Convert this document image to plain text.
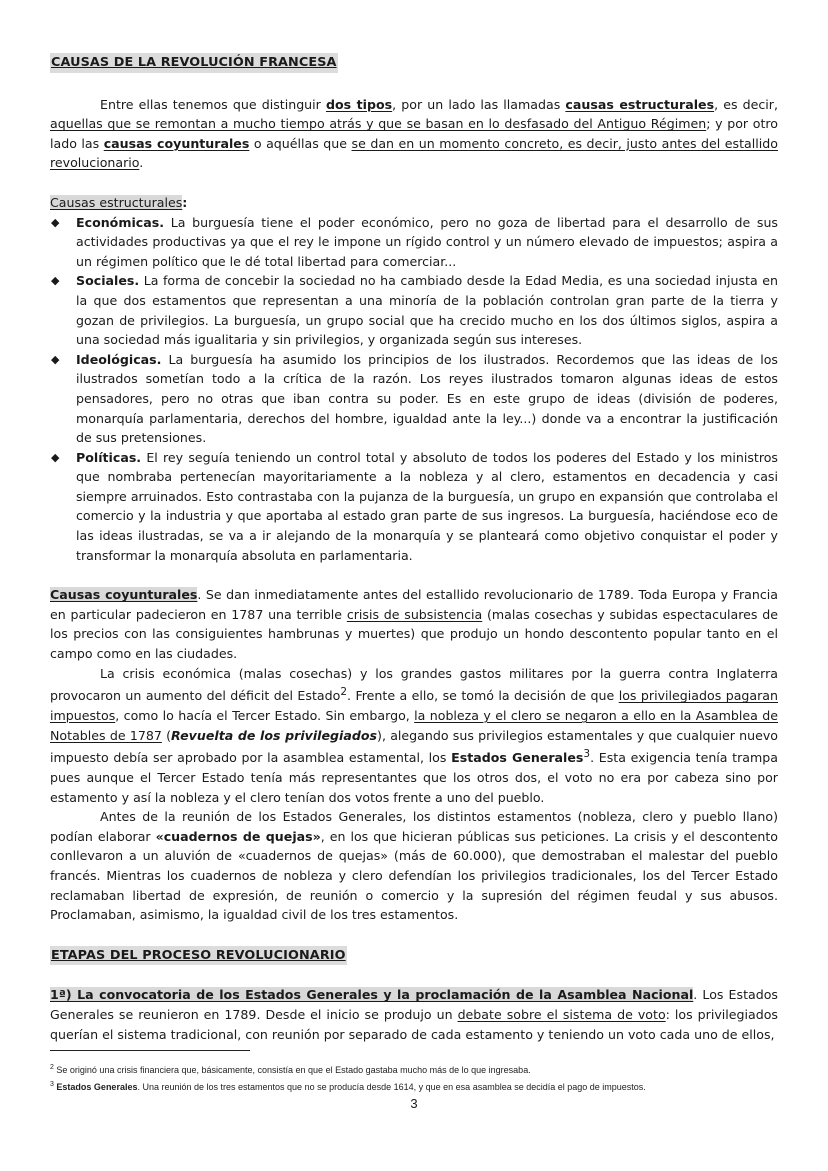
CAUSAS DE LA REVOLUCIÓN FRANCESA

Entre ellas tenemos que distinguir dos tipos, por un lado las llamadas causas estructurales, es decir, aquellas que se remontan a mucho tiempo atrás y que se basan en lo desfasado del Antiguo Régimen; y por otro lado las causas coyunturales o aquéllas que se dan en un momento concreto, es decir, justo antes del estallido revolucionario.

Causas estructurales:

◆ Económicas. La burguesía tiene el poder económico, pero no goza de libertad para el desarrollo de sus actividades productivas ya que el rey le impone un rígido control y un número elevado de impuestos; aspira a un régimen político que le dé total libertad para comerciar...
◆ Sociales. La forma de concebir la sociedad no ha cambiado desde la Edad Media, es una sociedad injusta en la que dos estamentos que representan a una minoría de la población controlan gran parte de la tierra y gozan de privilegios. La burguesía, un grupo social que ha crecido mucho en los dos últimos siglos, aspira a una sociedad más igualitaria y sin privilegios, y organizada según sus intereses.
◆ Ideológicas. La burguesía ha asumido los principios de los ilustrados. Recordemos que las ideas de los ilustrados sometían todo a la crítica de la razón. Los reyes ilustrados tomaron algunas ideas de estos pensadores, pero no otras que iban contra su poder. Es en este grupo de ideas (división de poderes, monarquía parlamentaria, derechos del hombre, igualdad ante la ley...) donde va a encontrar la justificación de sus pretensiones.
◆ Políticas. El rey seguía teniendo un control total y absoluto de todos los poderes del Estado y los ministros que nombraba pertenecían mayoritariamente a la nobleza y al clero, estamentos en decadencia y casi siempre arruinados. Esto contrastaba con la pujanza de la burguesía, un grupo en expansión que controlaba el comercio y la industria y que aportaba al estado gran parte de sus ingresos. La burguesía, haciéndose eco de las ideas ilustradas, se va a ir alejando de la monarquía y se planteará como objetivo conquistar el poder y transformar la monarquía absoluta en parlamentaria.

Causas coyunturales. Se dan inmediatamente antes del estallido revolucionario de 1789. Toda Europa y Francia en particular padecieron en 1787 una terrible crisis de subsistencia (malas cosechas y subidas espectaculares de los precios con las consiguientes hambrunas y muertes) que produjo un hondo descontento popular tanto en el campo como en las ciudades.

La crisis económica (malas cosechas) y los grandes gastos militares por la guerra contra Inglaterra provocaron un aumento del déficit del Estado$^2$. Frente a ello, se tomó la decisión de que los privilegiados pagaran impuestos, como lo hacía el Tercer Estado. Sin embargo, la nobleza y el clero se negaron a ello en la Asamblea de Notables de 1787 (Revuelta de los privilegiados), alegando sus privilegios estamentales y que cualquier nuevo impuesto debía ser aprobado por la asamblea estamental, los Estados Generales$^3$. Esta exigencia tenía trampa pues aunque el Tercer Estado tenía más representantes que los otros dos, el voto no era por cabeza sino por estamento y así la nobleza y el clero tenían dos votos frente a uno del pueblo.

Antes de la reunión de los Estados Generales, los distintos estamentos (nobleza, clero y pueblo llano) podían elaborar «cuadernos de quejas», en los que hicieran públicas sus peticiones. La crisis y el descontento conllevaron a un aluvión de «cuadernos de quejas» (más de 60.000), que demostraban el malestar del pueblo francés. Mientras los cuadernos de nobleza y clero defendían los privilegios tradicionales, los del Tercer Estado reclamaban libertad de expresión, de reunión o comercio y la supresión del régimen feudal y sus abusos. Proclamaban, asimismo, la igualdad civil de los tres estamentos.

ETAPAS DEL PROCESO REVOLUCIONARIO

1ª) La convocatoria de los Estados Generales y la proclamación de la Asamblea Nacional. Los Estados Generales se reunieron en 1789. Desde el inicio se produjo un debate sobre el sistema de voto: los privilegiados querían el sistema tradicional, con reunión por separado de cada estamento y teniendo un voto cada uno de ellos,

$^2$ Se originó una crisis financiera que, básicamente, consistía en que el Estado gastaba mucho más de lo que ingresaba.
$^3$ Estados Generales. Una reunión de los tres estamentos que no se producía desde 1614, y que en esa asamblea se decidía el pago de impuestos.
3
